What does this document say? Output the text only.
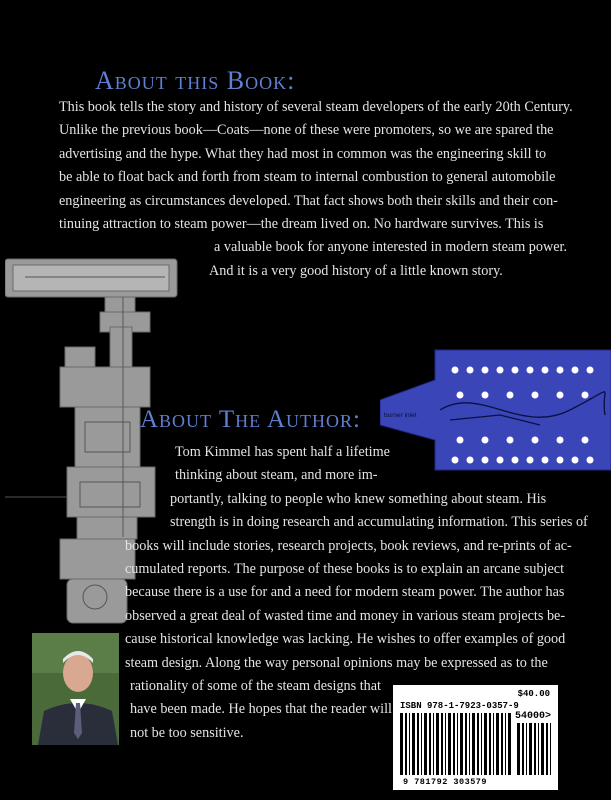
About this Book:
This book tells the story and history of several steam developers of the early 20th Century.
Unlike the previous book—Coats—none of these were promoters, so we are spared the
advertising and the hype. What they had most in common was the engineering skill to
be able to float back and forth from steam to internal combustion to general automobile
engineering as circumstances developed. That fact shows both their skills and their con-
tinuing attraction to steam power—the dream lived on. No hardware survives. This is
a valuable book for anyone interested in modern steam power.
And it is a very good history of a little known story.
burner inlet
About The Author:
Tom Kimmel has spent half a lifetime
thinking about steam, and more im-
portantly, talking to people who knew something about steam. His
strength is in doing research and accumulating information. This series of
books will include stories, research projects, book reviews, and re-prints of ac-
cumulated reports. The purpose of these books is to explain an arcane subject
because there is a use for and a need for modern steam power. The author has
observed a great deal of wasted time and money in various steam projects be-
cause historical knowledge was lacking. He wishes to offer examples of good
steam design. Along the way personal opinions may be expressed as to the
rationality of some of the steam designs that
have been made. He hopes that the reader will
not be too sensitive.
$40.00
ISBN 978-1-7923-0357-9
54000>
9 781792 303579
